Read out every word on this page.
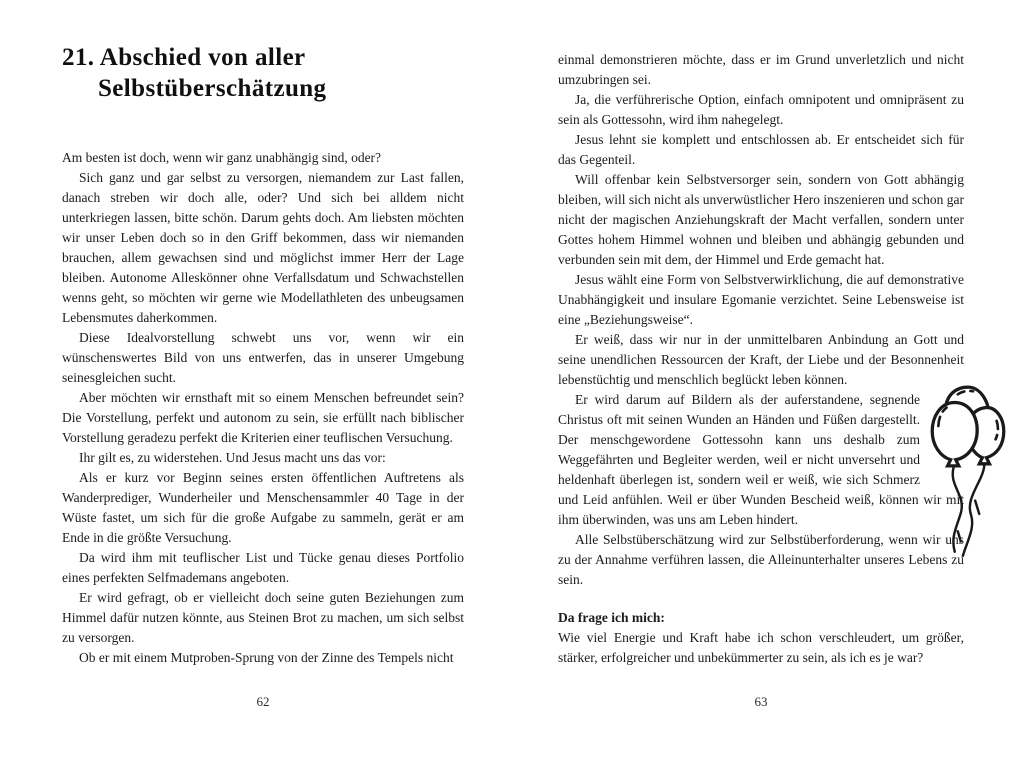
21. Abschied von aller
Selbstüberschätzung

Am besten ist doch, wenn wir ganz unabhängig sind, oder?

Sich ganz und gar selbst zu versorgen, niemandem zur Last fallen, danach streben wir doch alle, oder? Und sich bei alldem nicht unterkriegen lassen, bitte schön. Darum gehts doch. Am liebsten möchten wir unser Leben doch so in den Griff bekommen, dass wir niemanden brauchen, allem gewachsen sind und möglichst immer Herr der Lage bleiben. Autonome Alleskönner ohne Verfallsdatum und Schwachstellen wenns geht, so möchten wir gerne wie Modellathleten des unbeugsamen Lebensmutes daherkommen.

Diese Idealvorstellung schwebt uns vor, wenn wir ein wünschenswertes Bild von uns entwerfen, das in unserer Umgebung seinesgleichen sucht.

Aber möchten wir ernsthaft mit so einem Menschen befreundet sein? Die Vorstellung, perfekt und autonom zu sein, sie erfüllt nach biblischer Vorstellung geradezu perfekt die Kriterien einer teuflischen Versuchung.

Ihr gilt es, zu widerstehen. Und Jesus macht uns das vor:

Als er kurz vor Beginn seines ersten öffentlichen Auftretens als Wanderprediger, Wunderheiler und Menschensammler 40 Tage in der Wüste fastet, um sich für die große Aufgabe zu sammeln, gerät er am Ende in die größte Versuchung.

Da wird ihm mit teuflischer List und Tücke genau dieses Portfolio eines perfekten Selfmademans angeboten.

Er wird gefragt, ob er vielleicht doch seine guten Beziehungen zum Himmel dafür nutzen könnte, aus Steinen Brot zu machen, um sich selbst zu versorgen.

Ob er mit einem Mutproben-Sprung von der Zinne des Tempels nicht

62

einmal demonstrieren möchte, dass er im Grund unverletzlich und nicht umzubringen sei.

Ja, die verführerische Option, einfach omnipotent und omnipräsent zu sein als Gottessohn, wird ihm nahegelegt.

Jesus lehnt sie komplett und entschlossen ab. Er entscheidet sich für das Gegenteil.

Will offenbar kein Selbstversorger sein, sondern von Gott abhängig bleiben, will sich nicht als unverwüstlicher Hero inszenieren und schon gar nicht der magischen Anziehungskraft der Macht verfallen, sondern unter Gottes hohem Himmel wohnen und bleiben und abhängig gebunden und verbunden sein mit dem, der Himmel und Erde gemacht hat.

Jesus wählt eine Form von Selbstverwirklichung, die auf demonstrative Unabhängigkeit und insulare Egomanie verzichtet. Seine Lebensweise ist eine „Beziehungsweise“.

Er weiß, dass wir nur in der unmittelbaren Anbindung an Gott und seine unendlichen Ressourcen der Kraft, der Liebe und der Besonnenheit lebenstüchtig und menschlich beglückt leben können.

Er wird darum auf Bildern als der auferstandene, segnende Christus oft mit seinen Wunden an Händen und Füßen dargestellt. Der menschgewordene Gottessohn kann uns deshalb zum Weggefährten und Begleiter werden, weil er nicht unversehrt und heldenhaft überlegen ist, sondern weil er weiß, wie sich Schmerz und Leid anfühlen. Weil er über Wunden Bescheid weiß, können wir mit ihm überwinden, was uns am Leben hindert.

Alle Selbstüberschätzung wird zur Selbstüberforderung, wenn wir uns zu der Annahme verführen lassen, die Alleinunterhalter unseres Lebens zu sein.

Da frage ich mich:

Wie viel Energie und Kraft habe ich schon verschleudert, um größer, stärker, erfolgreicher und unbekümmerter zu sein, als ich es je war?

63
